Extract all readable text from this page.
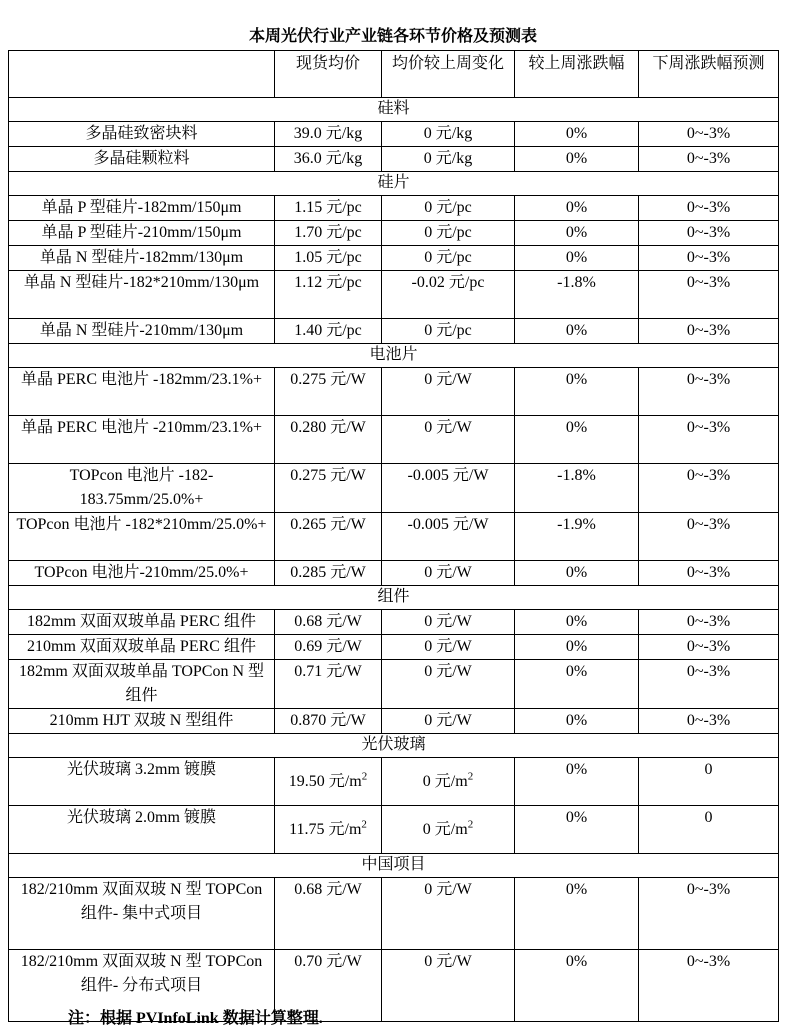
本周光伏行业产业链各环节价格及预测表
	现货均价	均价较上周变化	较上周涨跌幅	下周涨跌幅预测
硅料				
多晶硅致密块料	39.0 元/kg	0 元/kg	0%	0~-3%
多晶硅颗粒料	36.0 元/kg	0 元/kg	0%	0~-3%
硅片				
单晶 P 型硅片-182mm/150μm	1.15 元/pc	0 元/pc	0%	0~-3%
单晶 P 型硅片-210mm/150μm	1.70 元/pc	0 元/pc	0%	0~-3%
单晶 N 型硅片-182mm/130μm	1.05 元/pc	0 元/pc	0%	0~-3%
单晶 N 型硅片-182*210mm/130μm	1.12 元/pc	-0.02 元/pc	-1.8%	0~-3%
单晶 N 型硅片-210mm/130μm	1.40 元/pc	0 元/pc	0%	0~-3%
电池片				
单晶 PERC 电池片 -182mm/23.1%+	0.275 元/W	0 元/W	0%	0~-3%
单晶 PERC 电池片 -210mm/23.1%+	0.280 元/W	0 元/W	0%	0~-3%
TOPcon 电池片 -182-183.75mm/25.0%+	0.275 元/W	-0.005 元/W	-1.8%	0~-3%
TOPcon 电池片 -182*210mm/25.0%+	0.265 元/W	-0.005 元/W	-1.9%	0~-3%
TOPcon 电池片-210mm/25.0%+	0.285 元/W	0 元/W	0%	0~-3%
组件				
182mm 双面双玻单晶 PERC 组件	0.68 元/W	0 元/W	0%	0~-3%
210mm 双面双玻单晶 PERC 组件	0.69 元/W	0 元/W	0%	0~-3%
182mm 双面双玻单晶 TOPCon N 型组件	0.71 元/W	0 元/W	0%	0~-3%
210mm HJT 双玻 N 型组件	0.870 元/W	0 元/W	0%	0~-3%
光伏玻璃				
光伏玻璃 3.2mm 镀膜	19.50 元$/m^2$	0 元$/m^2$	0%	0
光伏玻璃 2.0mm 镀膜	11.75 元$/m^2$	0 元$/m^2$	0%	0
中国项目				
182/210mm 双面双玻 N 型 TOPCon 组件- 集中式项目	0.68 元/W	0 元/W	0%	0~-3%
182/210mm 双面双玻 N 型 TOPCon 组件- 分布式项目	0.70 元/W	0 元/W	0%	0~-3%
注：根据 PVInfoLink 数据计算整理.
